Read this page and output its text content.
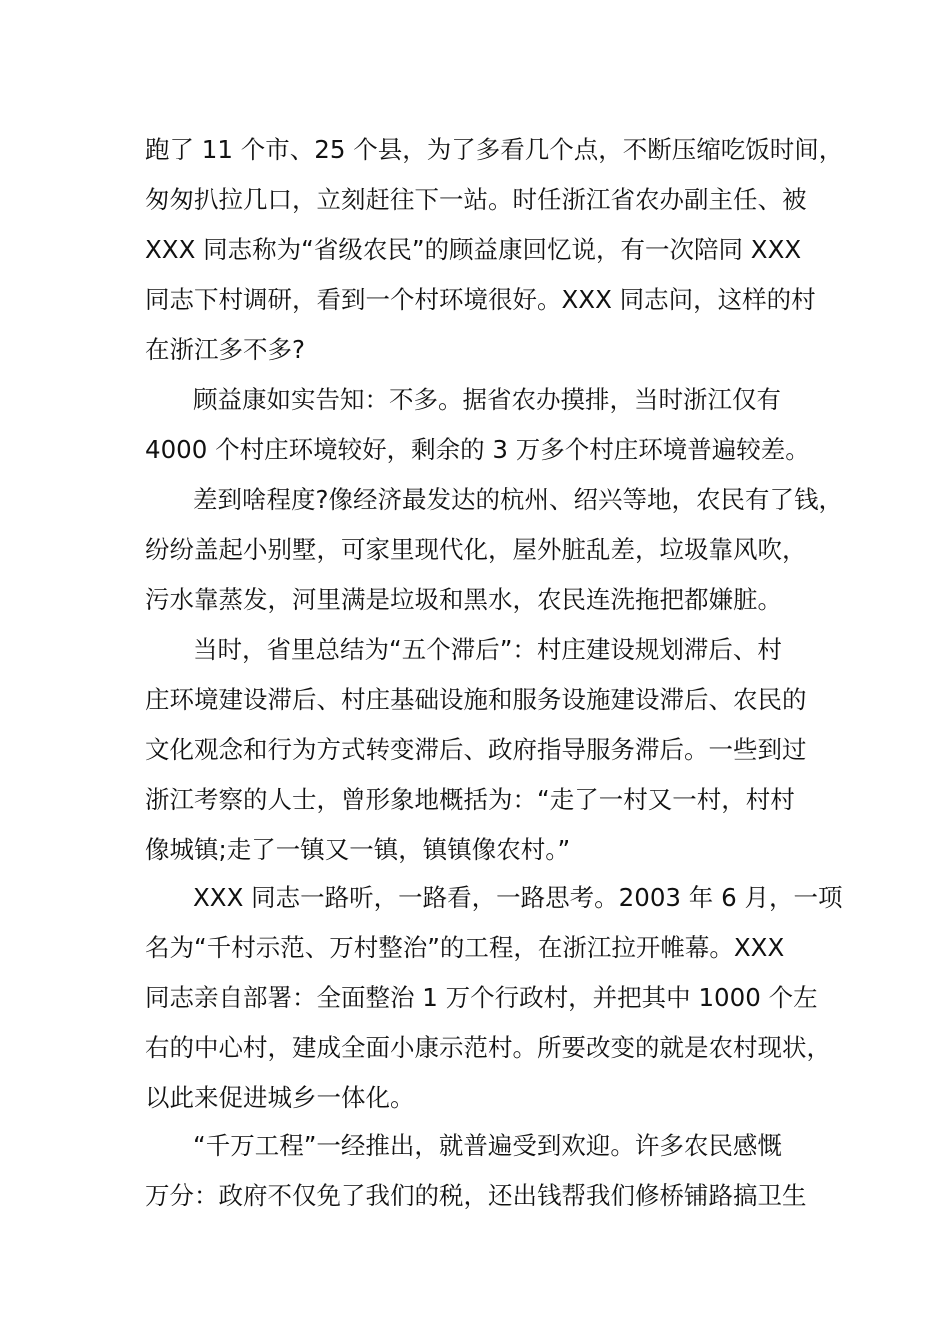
跑了 11 个市、25 个县，为了多看几个点，不断压缩吃饭时间，
匆匆扒拉几口，立刻赶往下一站。时任浙江省农办副主任、被
XXX 同志称为“省级农民”的顾益康回忆说，有一次陪同 XXX
同志下村调研，看到一个村环境很好。XXX 同志问，这样的村
在浙江多不多?
顾益康如实告知：不多。据省农办摸排，当时浙江仅有
4000 个村庄环境较好，剩余的 3 万多个村庄环境普遍较差。
差到啥程度?像经济最发达的杭州、绍兴等地，农民有了钱，
纷纷盖起小别墅，可家里现代化，屋外脏乱差，垃圾靠风吹，
污水靠蒸发，河里满是垃圾和黑水，农民连洗拖把都嫌脏。
当时，省里总结为“五个滞后”：村庄建设规划滞后、村
庄环境建设滞后、村庄基础设施和服务设施建设滞后、农民的
文化观念和行为方式转变滞后、政府指导服务滞后。一些到过
浙江考察的人士，曾形象地概括为：“走了一村又一村，村村
像城镇;走了一镇又一镇，镇镇像农村。”
XXX 同志一路听，一路看，一路思考。2003 年 6 月，一项
名为“千村示范、万村整治”的工程，在浙江拉开帷幕。XXX
同志亲自部署：全面整治 1 万个行政村，并把其中 1000 个左
右的中心村，建成全面小康示范村。所要改变的就是农村现状，
以此来促进城乡一体化。
“千万工程”一经推出，就普遍受到欢迎。许多农民感慨
万分：政府不仅免了我们的税，还出钱帮我们修桥铺路搞卫生
